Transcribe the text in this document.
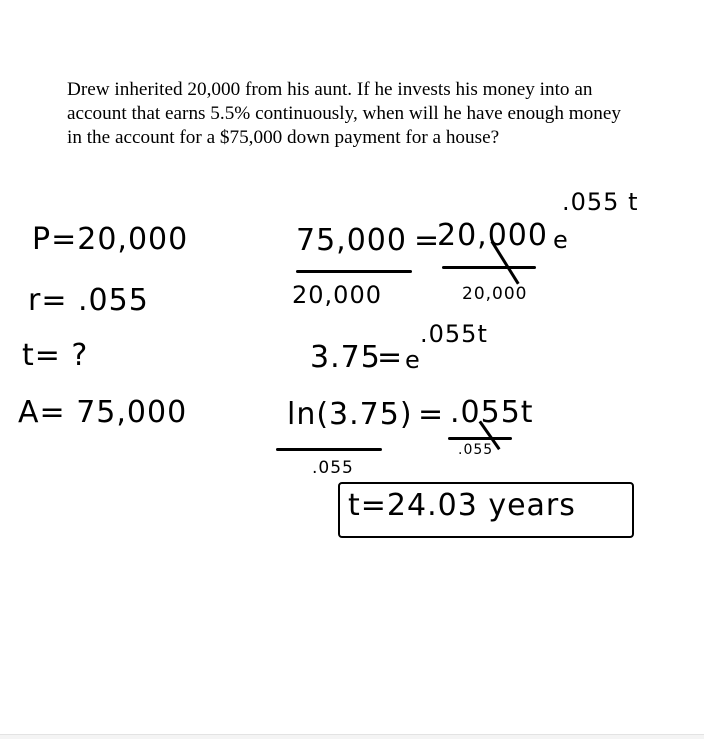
Drew inherited 20,000 from his aunt. If he invests his money into an account that earns 5.5% continuously, when will he have enough money in the account for a $75,000 down payment for a house?
P=20,000
r= .055
t= ?
A= 75,000
75,000 =
20,000 e
.055 t
20,000	20,000
3.75
= e
.055t
ln(3.75) = .055t
.055
.055
t=24.03 years
